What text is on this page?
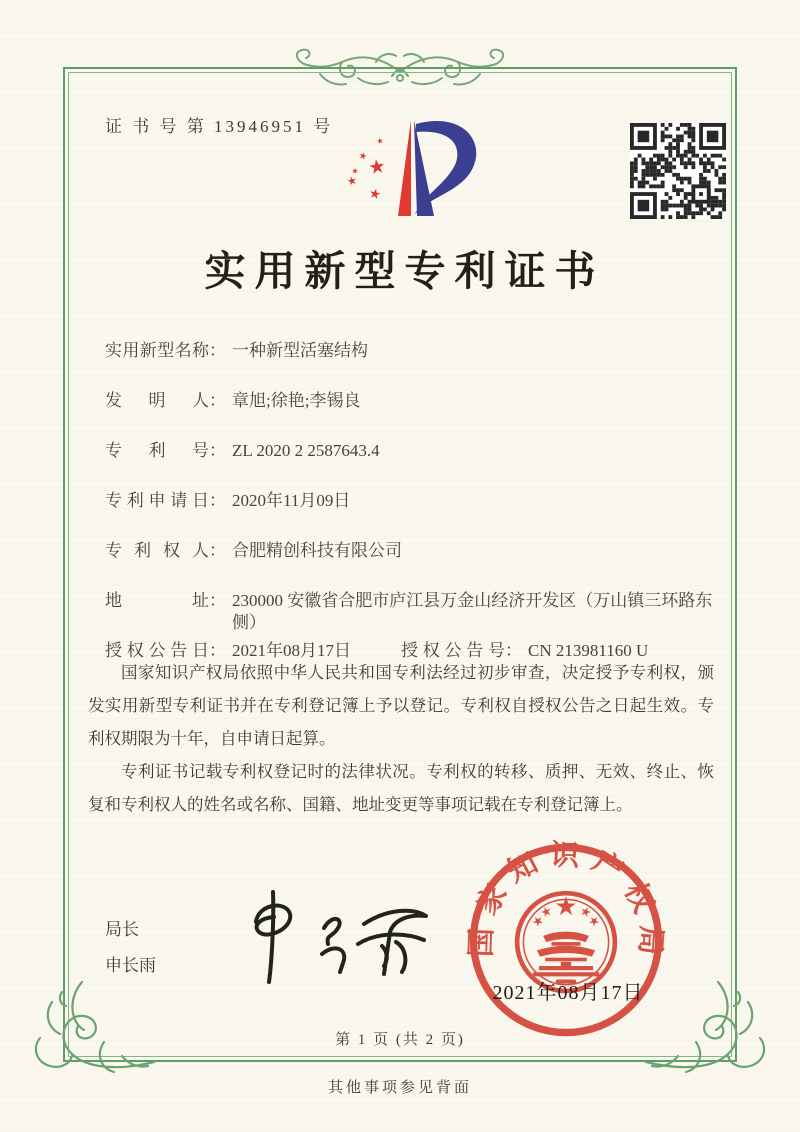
证 书 号 第 13946951 号
实用新型专利证书
实用新型名称 ： 一种新型活塞结构
发明人 ： 章旭;徐艳;李锡良
专利号 ： ZL 2020 2 2587643.4
专利申请日 ： 2020年11月09日
专利权人 ： 合肥精创科技有限公司
地址 ： 230000 安徽省合肥市庐江县万金山经济开发区（万山镇三环路东侧）
授权公告日 ： 2021年08月17日	授权公告号 ： CN 213981160 U

国家知识产权局依照中华人民共和国专利法经过初步审查，决定授予专利权，颁发实用新型专利证书并在专利登记簿上予以登记。专利权自授权公告之日起生效。专利权期限为十年，自申请日起算。

专利证书记载专利权登记时的法律状况。专利权的转移、质押、无效、终止、恢复和专利权人的姓名或名称、国籍、地址变更等事项记载在专利登记簿上。

局长
申长雨
国家知识产权局
2021年08月17日
第 1 页 (共 2 页)
其他事项参见背面
